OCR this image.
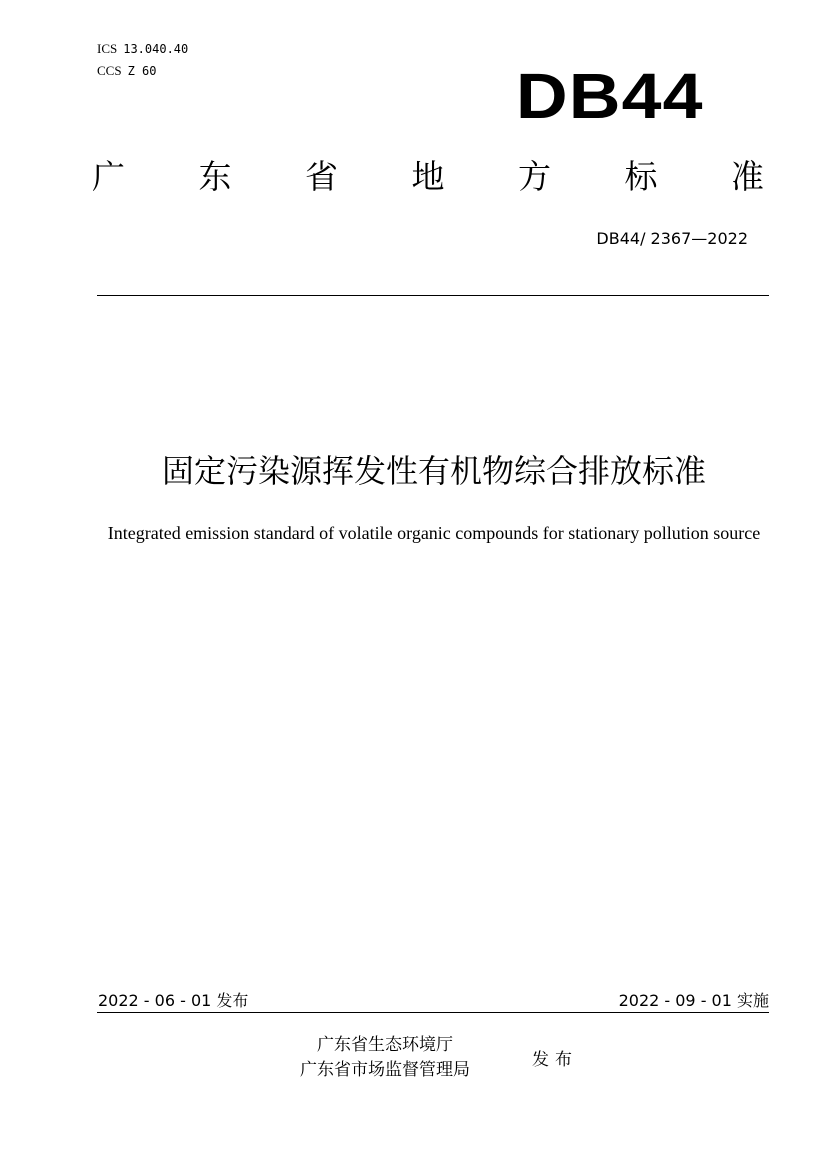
ICS 13.040.40
CCS Z 60	DB44
广 东 省 地 方 标 准
DB44/ 2367—2022
固定污染源挥发性有机物综合排放标准
Integrated emission standard of volatile organic compounds for stationary pollution source
2022 - 06 - 01 发布	2022 - 09 - 01 实施
广东省生态环境厅
广东省市场监督管理局	发布
